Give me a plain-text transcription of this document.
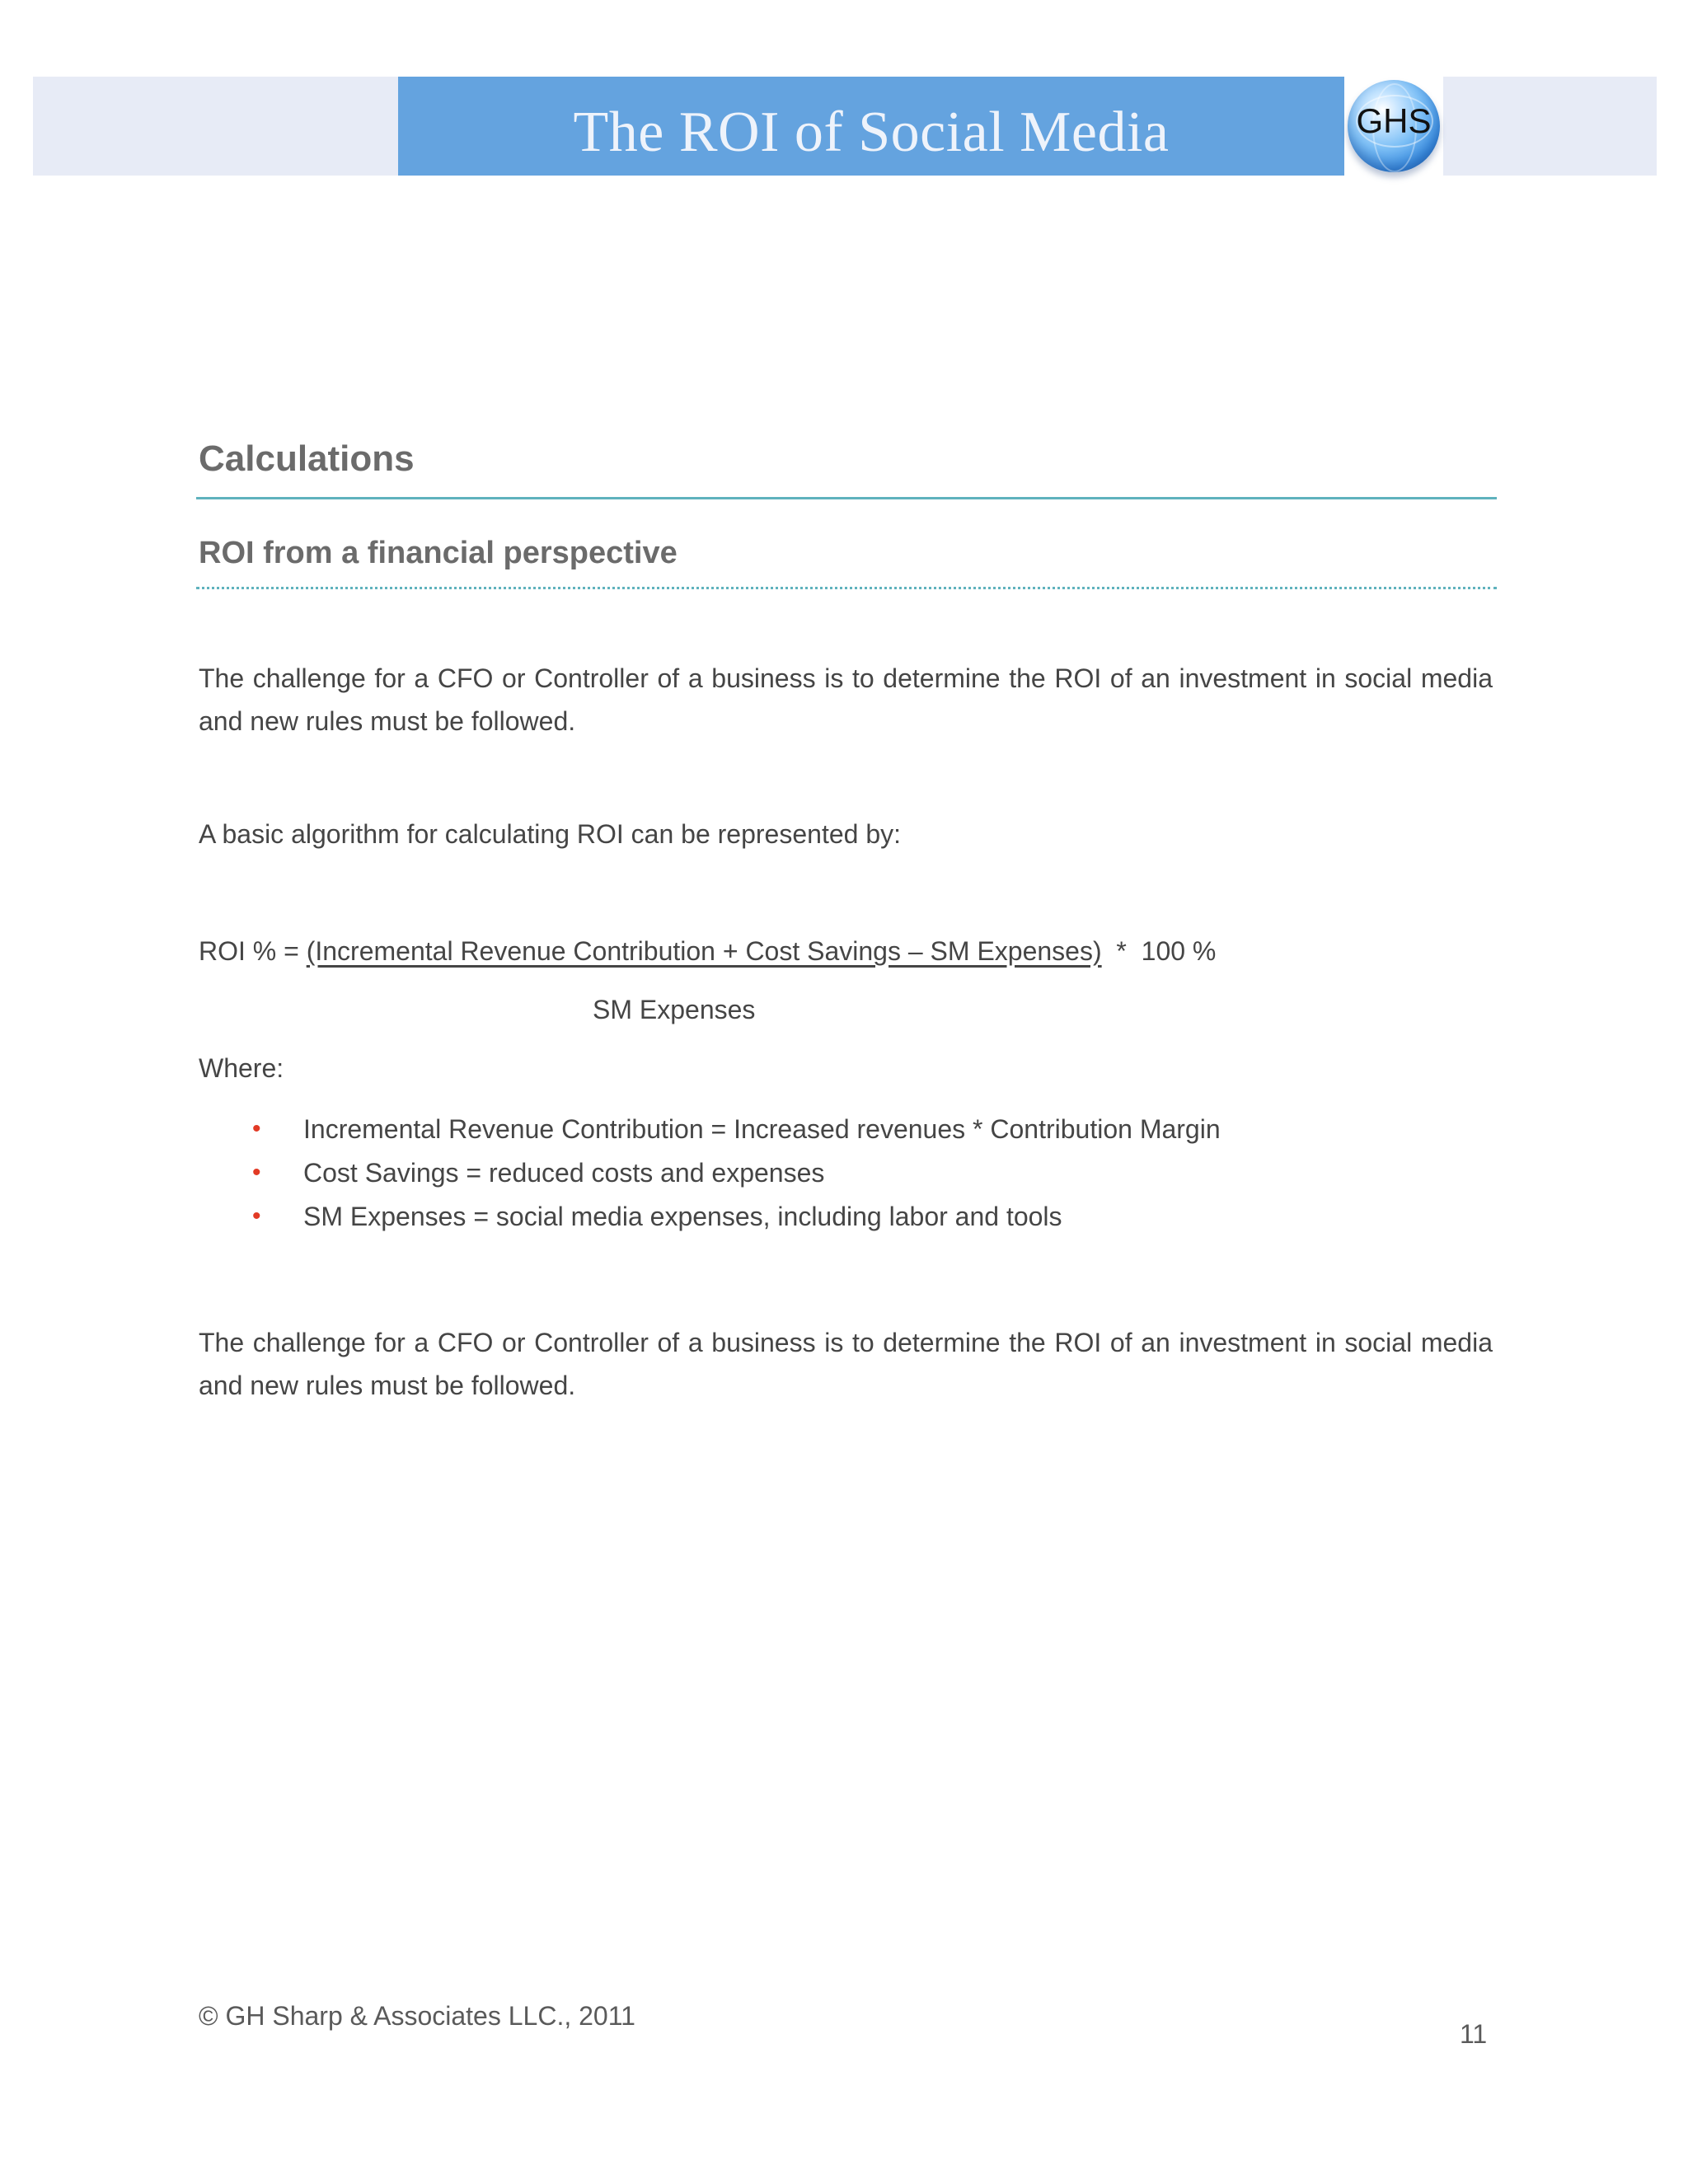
The ROI of Social Media	GHS
Calculations
ROI from a financial perspective
The challenge for a CFO or Controller of a business is to determine the ROI of an investment in social media and new rules must be followed.
A basic algorithm for calculating ROI can be represented by:
ROI % = (Incremental Revenue Contribution + Cost Savings – SM Expenses)  *  100 %
SM Expenses
Where:
• Incremental Revenue Contribution = Increased revenues * Contribution Margin
• Cost Savings = reduced costs and expenses
• SM Expenses = social media expenses, including labor and tools
The challenge for a CFO or Controller of a business is to determine the ROI of an investment in social media and new rules must be followed.
© GH Sharp & Associates LLC., 2011
11
